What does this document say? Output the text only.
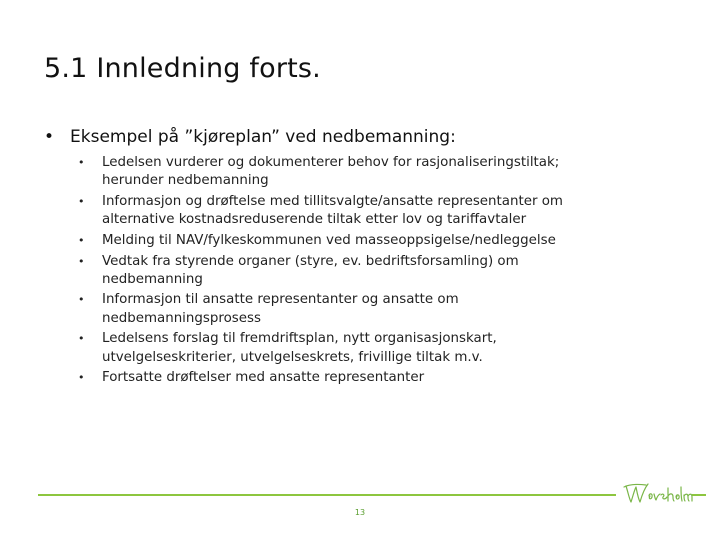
5.1 Innledning forts.
• Eksempel på ”kjøreplan” ved nedbemanning:
• Ledelsen vurderer og dokumenterer behov for rasjonaliseringstiltak;
herunder nedbemanning
• Informasjon og drøftelse med tillitsvalgte/ansatte representanter om
alternative kostnadsreduserende tiltak etter lov og tariffavtaler
• Melding til NAV/fylkeskommunen ved masseoppsigelse/nedleggelse
• Vedtak fra styrende organer (styre, ev. bedriftsforsamling) om
nedbemanning
• Informasjon til ansatte representanter og ansatte om
nedbemanningsprosess
• Ledelsens forslag til fremdriftsplan, nytt organisasjonskart,
utvelgelseskriterier, utvelgelseskrets, frivillige tiltak m.v.
• Fortsatte drøftelser med ansatte representanter
13
